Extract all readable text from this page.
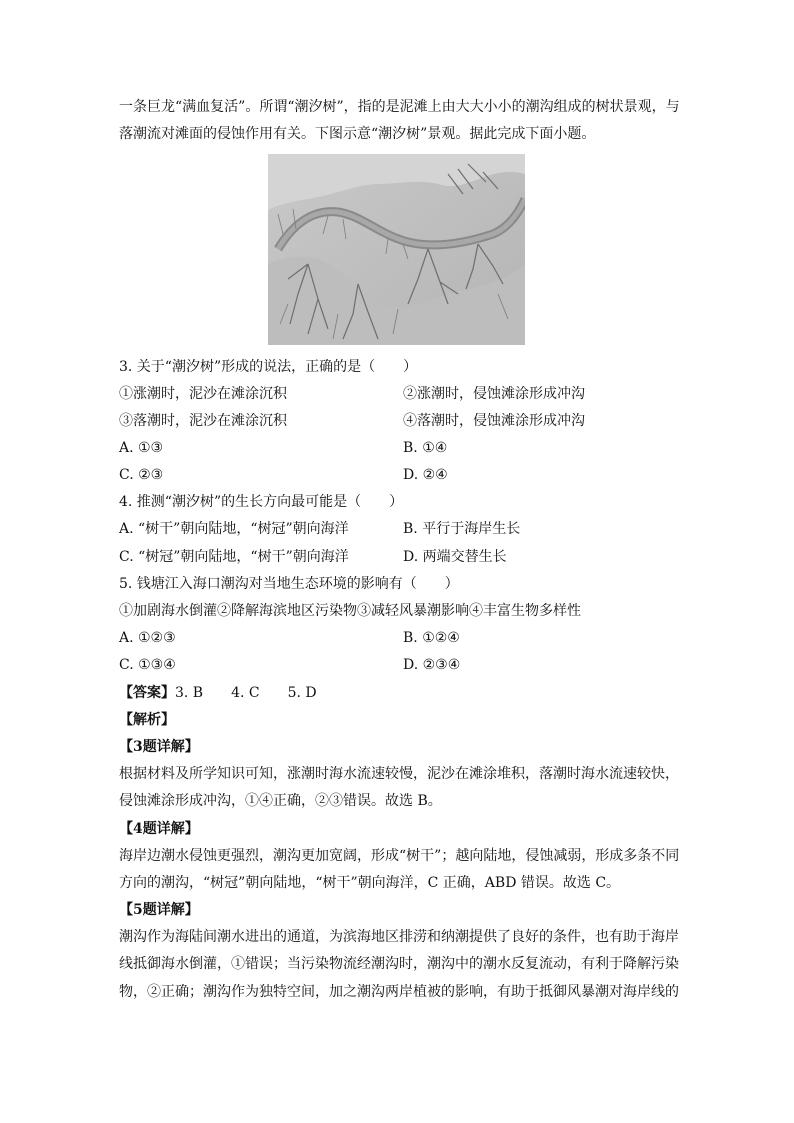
一条巨龙“满血复活”。所谓“潮汐树”，指的是泥滩上由大大小小的潮沟组成的树状景观，与
落潮流对滩面的侵蚀作用有关。下图示意“潮汐树”景观。据此完成下面小题。
3. 关于“潮汐树”形成的说法，正确的是（　　）
①涨潮时，泥沙在滩涂沉积	②涨潮时，侵蚀滩涂形成冲沟
③落潮时，泥沙在滩涂沉积	④落潮时，侵蚀滩涂形成冲沟
A. ①③	B. ①④
C. ②③	D. ②④
4. 推测“潮汐树”的生长方向最可能是（　　）
A. “树干”朝向陆地，“树冠”朝向海洋	B. 平行于海岸生长
C. “树冠”朝向陆地，“树干”朝向海洋	D. 两端交替生长
5. 钱塘江入海口潮沟对当地生态环境的影响有（　　）
①加剧海水倒灌②降解海滨地区污染物③减轻风暴潮影响④丰富生物多样性
A. ①②③	B. ①②④
C. ①③④	D. ②③④
【答案】3. B　　4. C　　5. D
【解析】
【3题详解】
根据材料及所学知识可知，涨潮时海水流速较慢，泥沙在滩涂堆积，落潮时海水流速较快，
侵蚀滩涂形成冲沟，①④正确，②③错误。故选 B。
【4题详解】
海岸边潮水侵蚀更强烈，潮沟更加宽阔，形成“树干”；越向陆地，侵蚀减弱，形成多条不同
方向的潮沟，“树冠”朝向陆地，“树干”朝向海洋，C 正确，ABD 错误。故选 C。
【5题详解】
潮沟作为海陆间潮水进出的通道，为滨海地区排涝和纳潮提供了良好的条件，也有助于海岸
线抵御海水倒灌，①错误；当污染物流经潮沟时，潮沟中的潮水反复流动，有利于降解污染
物，②正确；潮沟作为独特空间，加之潮沟两岸植被的影响，有助于抵御风暴潮对海岸线的
